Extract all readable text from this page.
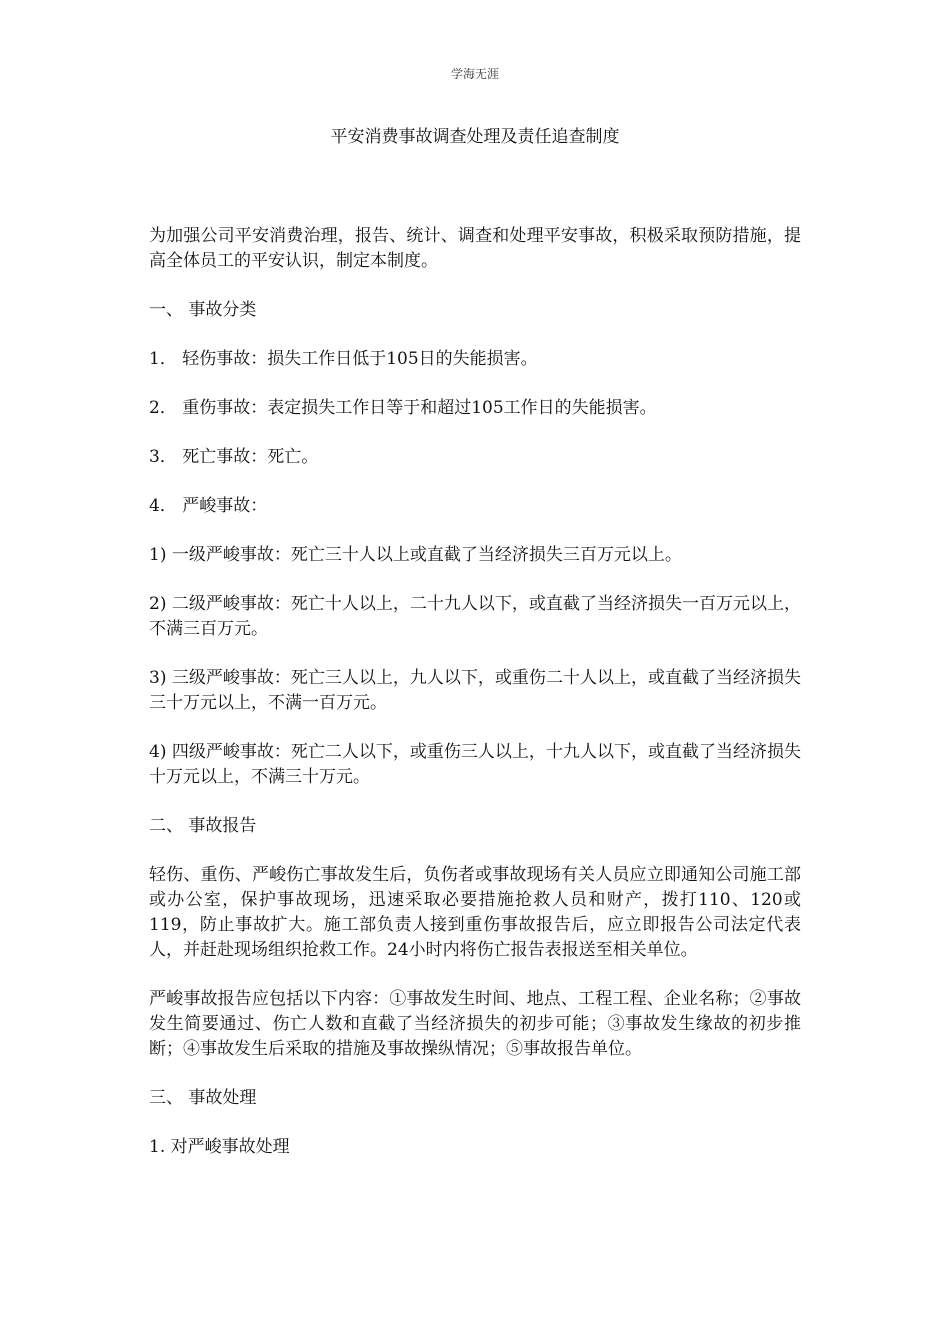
学海无涯
平安消费事故调查处理及责任追查制度

为加强公司平安消费治理，报告、统计、调查和处理平安事故，积极采取预防措施，提高全体员工的平安认识，制定本制度。

一、 事故分类

1． 轻伤事故：损失工作日低于105日的失能损害。

2． 重伤事故：表定损失工作日等于和超过105工作日的失能损害。

3． 死亡事故：死亡。

4． 严峻事故：

1) 一级严峻事故：死亡三十人以上或直截了当经济损失三百万元以上。

2) 二级严峻事故：死亡十人以上，二十九人以下，或直截了当经济损失一百万元以上，不满三百万元。

3) 三级严峻事故：死亡三人以上，九人以下，或重伤二十人以上，或直截了当经济损失三十万元以上，不满一百万元。

4) 四级严峻事故：死亡二人以下，或重伤三人以上，十九人以下，或直截了当经济损失十万元以上，不满三十万元。

二、 事故报告

轻伤、重伤、严峻伤亡事故发生后，负伤者或事故现场有关人员应立即通知公司施工部或办公室，保护事故现场，迅速采取必要措施抢救人员和财产，拨打110、120或119，防止事故扩大。施工部负责人接到重伤事故报告后，应立即报告公司法定代表人，并赶赴现场组织抢救工作。24小时内将伤亡报告表报送至相关单位。

严峻事故报告应包括以下内容：①事故发生时间、地点、工程工程、企业名称；②事故发生简要通过、伤亡人数和直截了当经济损失的初步可能；③事故发生缘故的初步推断；④事故发生后采取的措施及事故操纵情况；⑤事故报告单位。

三、 事故处理

1. 对严峻事故处理
